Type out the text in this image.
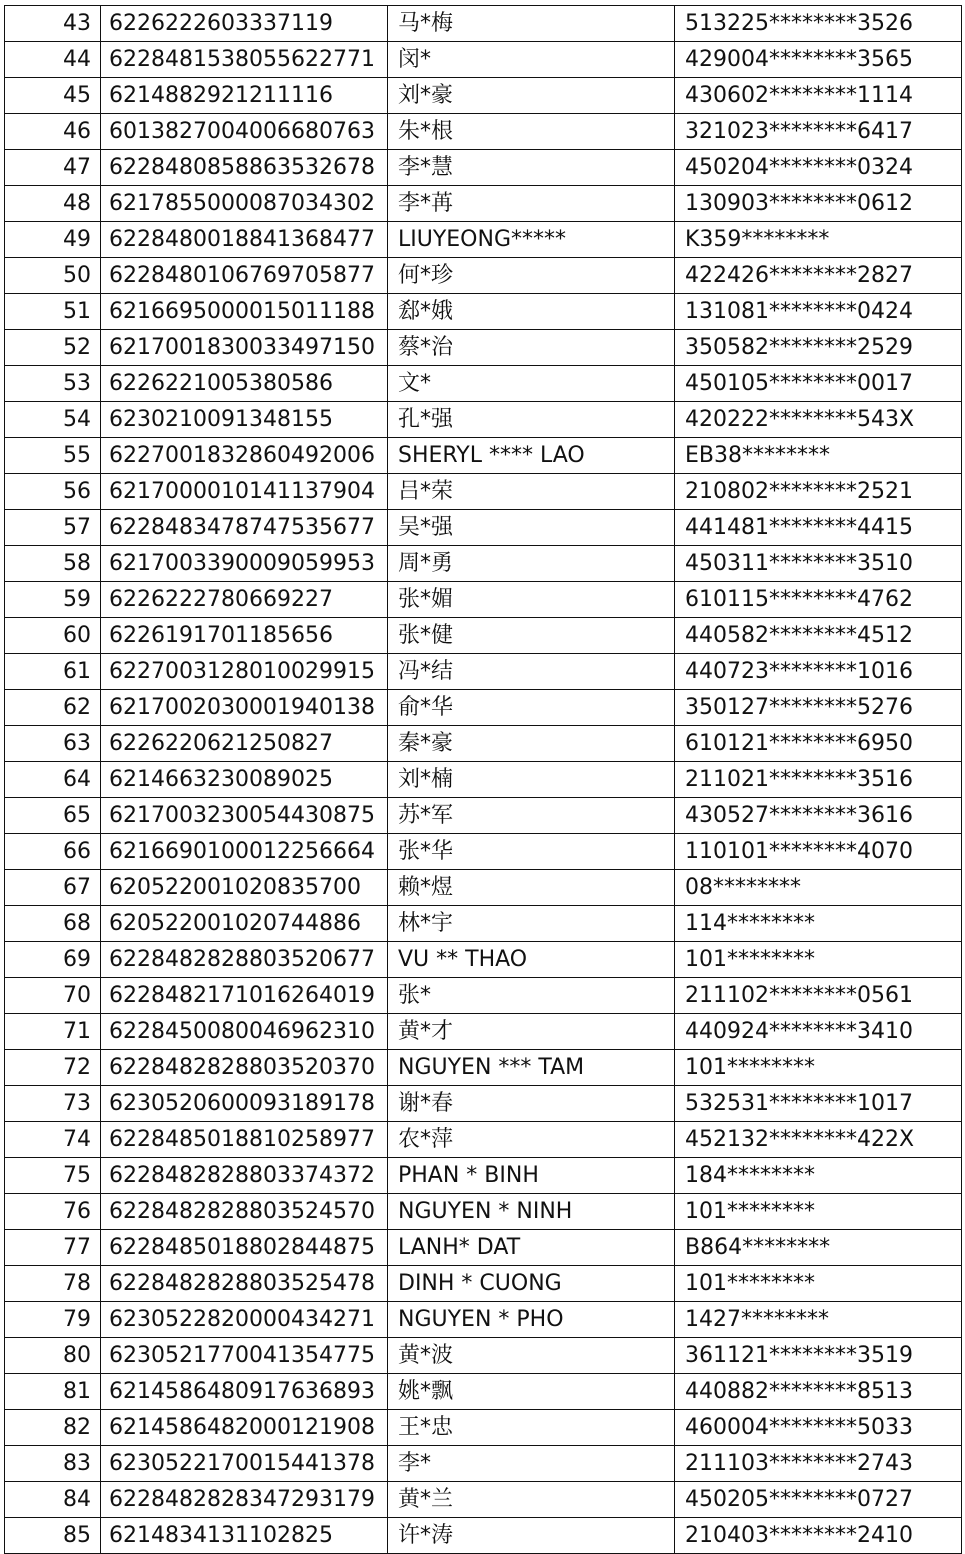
43	6226222603337119	马*梅	513225********3526
44	6228481538055622771	闵*	429004********3565
45	6214882921211116	刘*豪	430602********1114
46	6013827004006680763	朱*根	321023********6417
47	6228480858863532678	李*慧	450204********0324
48	6217855000087034302	李*苒	130903********0612
49	6228480018841368477	LIUYEONG*****	K359********
50	6228480106769705877	何*珍	422426********2827
51	6216695000015011188	郄*娥	131081********0424
52	6217001830033497150	蔡*治	350582********2529
53	6226221005380586	文*	450105********0017
54	6230210091348155	孔*强	420222********543X
55	6227001832860492006	SHERYL **** LAO	EB38********
56	6217000010141137904	吕*荣	210802********2521
57	6228483478747535677	吴*强	441481********4415
58	6217003390009059953	周*勇	450311********3510
59	6226222780669227	张*媚	610115********4762
60	6226191701185656	张*健	440582********4512
61	6227003128010029915	冯*结	440723********1016
62	6217002030001940138	俞*华	350127********5276
63	6226220621250827	秦*豪	610121********6950
64	6214663230089025	刘*楠	211021********3516
65	6217003230054430875	苏*军	430527********3616
66	6216690100012256664	张*华	110101********4070
67	620522001020835700	赖*煜	08********
68	620522001020744886	林*宇	114********
69	6228482828803520677	VU ** THAO	101********
70	6228482171016264019	张*	211102********0561
71	6228450080046962310	黄*才	440924********3410
72	6228482828803520370	NGUYEN *** TAM	101********
73	6230520600093189178	谢*春	532531********1017
74	6228485018810258977	农*萍	452132********422X
75	6228482828803374372	PHAN * BINH	184********
76	6228482828803524570	NGUYEN * NINH	101********
77	6228485018802844875	LANH* DAT	B864********
78	6228482828803525478	DINH * CUONG	101********
79	6230522820000434271	NGUYEN * PHO	1427********
80	6230521770041354775	黄*波	361121********3519
81	6214586480917636893	姚*飘	440882********8513
82	6214586482000121908	王*忠	460004********5033
83	6230522170015441378	李*	211103********2743
84	6228482828347293179	黄*兰	450205********0727
85	6214834131102825	许*涛	210403********2410
